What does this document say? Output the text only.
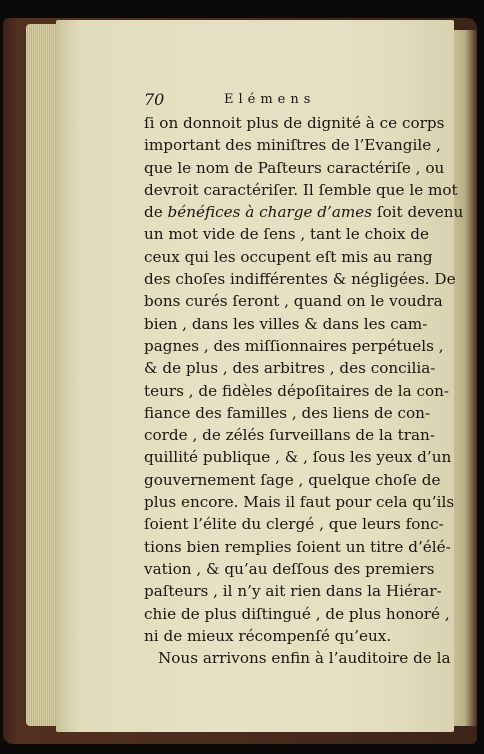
70	Elémens
ſi on donnoit plus de dignité à ce corps
important des miniſtres de l’Evangile ,
que le nom de Paſteurs caractériſe , ou
devroit caractériſer. Il ſemble que le mot
de bénéfices à charge d’ames ſoit devenu
un mot vide de ſens , tant le choix de
ceux qui les occupent eſt mis au rang
des choſes indifférentes & négligées. De
bons curés ſeront , quand on le voudra
bien , dans les villes & dans les cam-
pagnes , des miſſionnaires perpétuels ,
& de plus , des arbitres , des concilia-
teurs , de fidèles dépoſitaires de la con-
fiance des familles , des liens de con-
corde , de zélés ſurveillans de la tran-
quillité publique , & , ſous les yeux d’un
gouvernement ſage , quelque choſe de
plus encore. Mais il faut pour cela qu’ils
ſoient l’élite du clergé , que leurs fonc-
tions bien remplies ſoient un titre d’élé-
vation , & qu’au deſſous des premiers
paſteurs , il n’y ait rien dans la Hiérar-
chie de plus diſtingué , de plus honoré ,
ni de mieux récompenſé qu’eux.
Nous arrivons enfin à l’auditoire de la
